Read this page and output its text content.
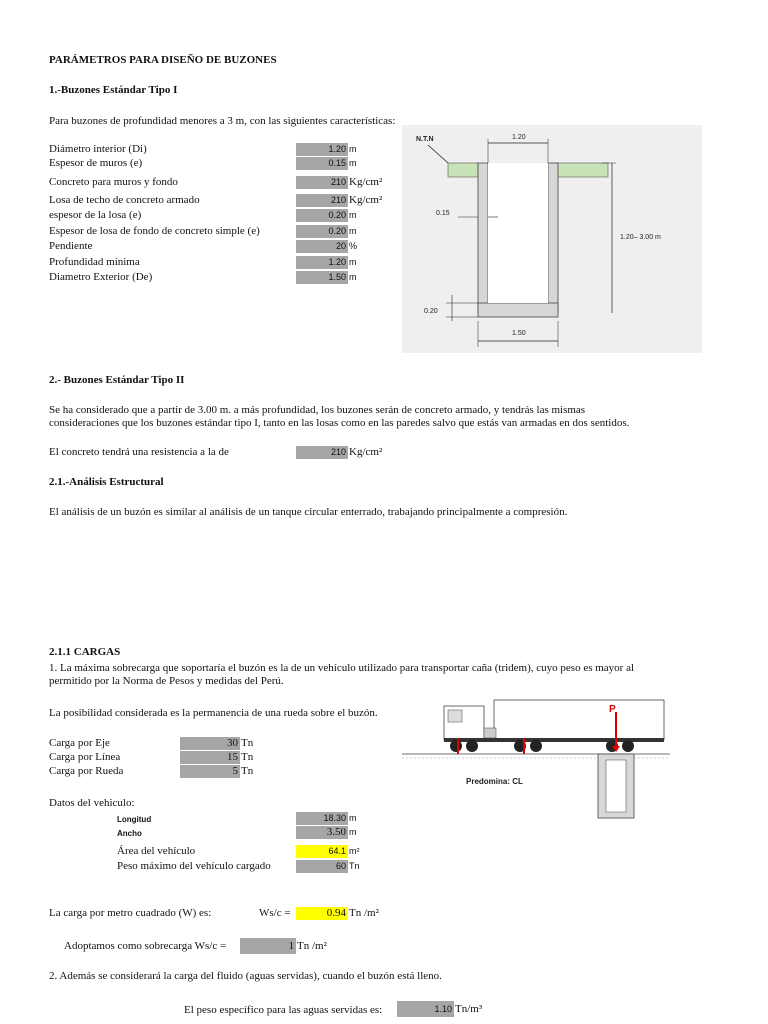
PARÁMETROS PARA DISEÑO DE BUZONES
1.-Buzones Estándar Tipo I
Para buzones de profundidad menores a 3 m, con las siguientes características:
Diámetro interior (Di)	1.20 m
Espesor de muros (e)	0.15 m
Concreto para muros y fondo	210 Kg/cm²
Losa de techo de concreto armado	210 Kg/cm²
espesor de la losa (e)	0.20 m
Espesor de losa de fondo de concreto simple (e)	0.20 m
Pendiente	20 %
Profundidad mínima	1.20 m
Diametro Exterior (De)	1.50 m
N.T.N	1.20
0.15
1.20– 3.00 m
0.20
1.50
2.- Buzones Estándar Tipo II
Se ha considerado que a partir de 3.00 m. a más profundidad, los buzones serán de concreto armado, y tendrás las mismas
consideraciones que los buzones estándar tipo I, tanto en las losas como en las paredes salvo que estás van armadas en dos sentidos.
El concreto tendrá una resistencia a la de	210 Kg/cm²
2.1.-Análisis Estructural
El análisis de un buzón es similar al análisis de un tanque circular enterrado, trabajando principalmente a compresión.
2.1.1 CARGAS
1. La máxima sobrecarga que soportaría el buzón es la de un vehículo utilizado para transportar caña (tridem), cuyo peso es mayor al
permitido por la Norma de Pesos y medidas del Perú.
La posibilidad considerada es la permanencia de una rueda sobre el buzón.
Carga por Eje	30 Tn
Carga por Línea	15 Tn
Carga por Rueda	5 Tn
P
Predomina: CL
Datos del vehiculo:
Longitud	18.30 m
Ancho	3.50 m
Área del vehículo	64.1 m²
Peso máximo del vehículo cargado	60 Tn
La carga por metro cuadrado (W) es:	Ws/c =	0.94 Tn /m²
Adoptamos como sobrecarga Ws/c =	1 Tn /m²
2. Además se considerará la carga del fluido (aguas servidas), cuando el buzón está lleno.
El peso específico para las aguas servidas es:	1.10 Tn/m³
